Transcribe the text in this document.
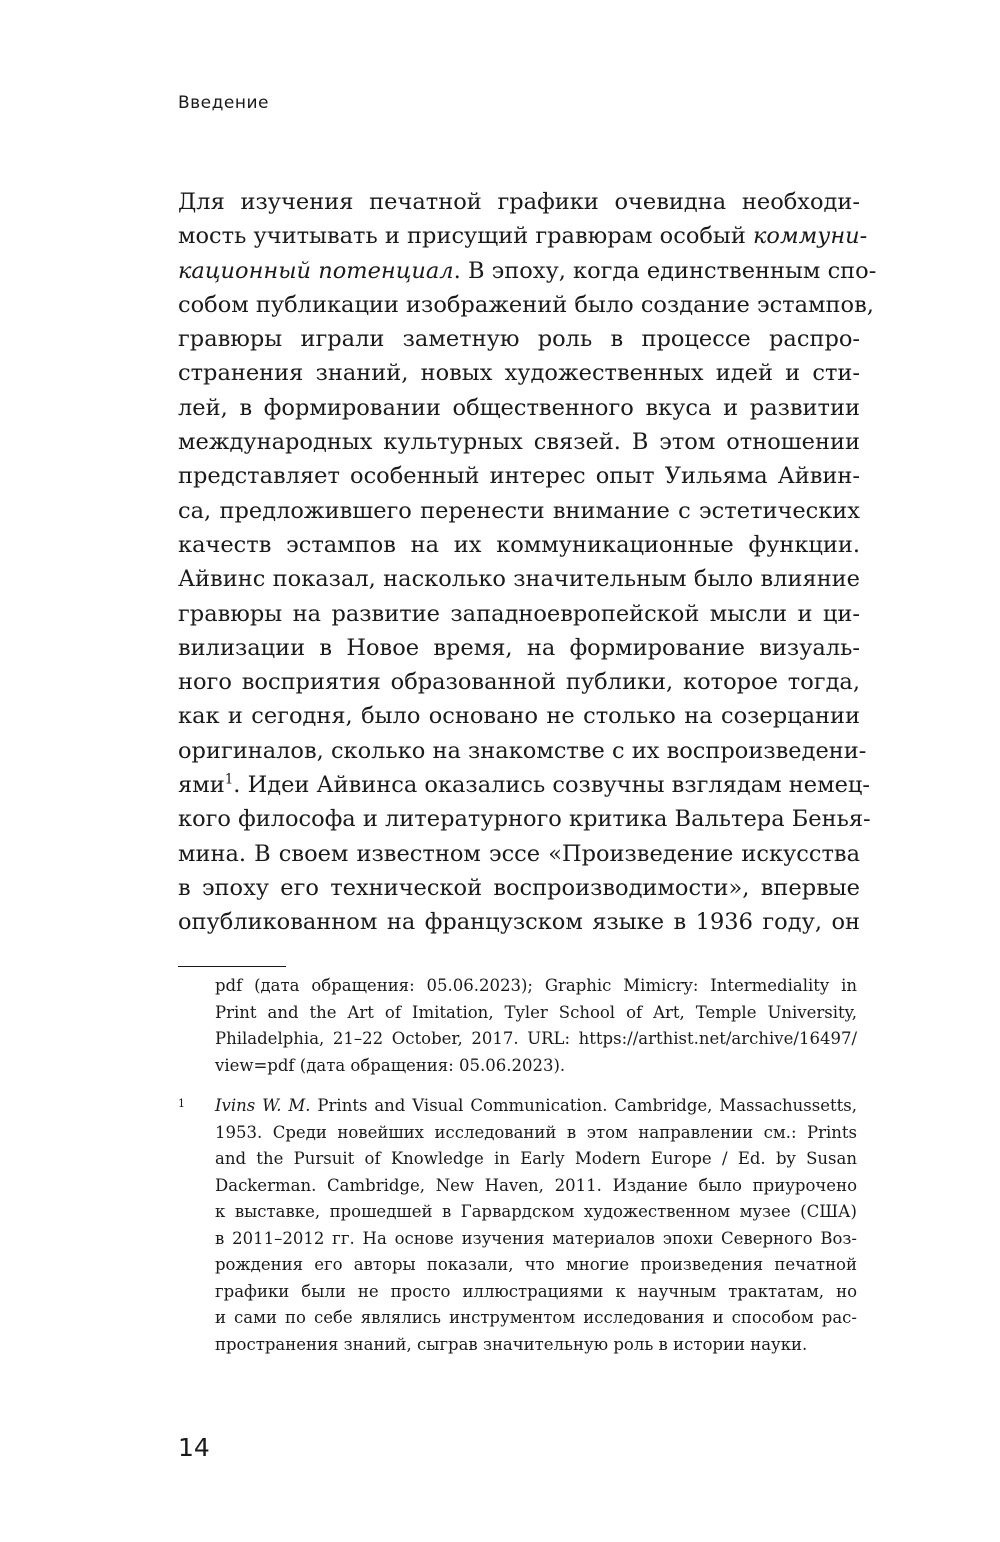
Введение

Для изучения печатной графики очевидна необходи-
мость учитывать и присущий гравюрам особый коммуни-
кационный потенциал. В эпоху, когда единственным спо-
собом публикации изображений было создание эстампов,
гравюры играли заметную роль в процессе распро-
странения знаний, новых художественных идей и сти-
лей, в формировании общественного вкуса и развитии
международных культурных связей. В этом отношении
представляет особенный интерес опыт Уильяма Айвин-
са, предложившего перенести внимание с эстетических
качеств эстампов на их коммуникационные функции.
Айвинс показал, насколько значительным было влияние
гравюры на развитие западноевропейской мысли и ци-
вилизации в Новое время, на формирование визуаль-
ного восприятия образованной публики, которое тогда,
как и сегодня, было основано не столько на созерцании
оригиналов, сколько на знакомстве с их воспроизведени-
ями$^1$. Идеи Айвинса оказались созвучны взглядам немец-
кого философа и литературного критика Вальтера Бенья-
мина. В своем известном эссе «Произведение искусства
в эпоху его технической воспроизводимости», впервые
опубликованном на французском языке в 1936 году, он
pdf (дата обращения: 05.06.2023); Graphic Mimicry: Intermediality in
Print and the Art of Imitation, Tyler School of Art, Temple University,
Philadelphia, 21–22 October, 2017. URL: https://arthist.net/archive/16497/
view=pdf (дата обращения: 05.06.2023).
1 Ivins W. M. Prints and Visual Communication. Cambridge, Massachussetts,
1953. Среди новейших исследований в этом направлении см.: Prints
and the Pursuit of Knowledge in Early Modern Europe / Ed. by Susan
Dackerman. Cambridge, New Haven, 2011. Издание было приурочено
к выставке, прошедшей в Гарвардском художественном музее (США)
в 2011–2012 гг. На основе изучения материалов эпохи Северного Воз-
рождения его авторы показали, что многие произведения печатной
графики были не просто иллюстрациями к научным трактатам, но
и сами по себе являлись инструментом исследования и способом рас-
пространения знаний, сыграв значительную роль в истории науки.
14
